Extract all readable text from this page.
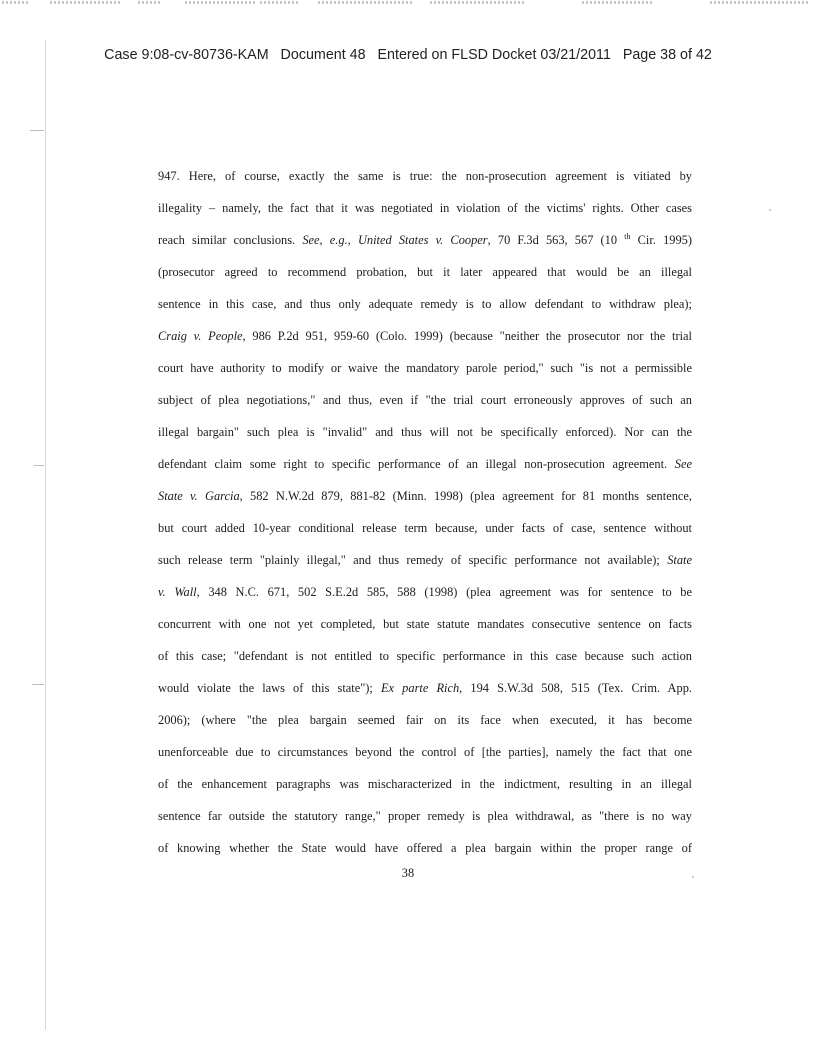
Case 9:08-cv-80736-KAM   Document 48   Entered on FLSD Docket 03/21/2011   Page 38 of 42
947. Here, of course, exactly the same is true: the non-prosecution agreement is vitiated by
illegality – namely, the fact that it was negotiated in violation of the victims' rights. Other cases
reach similar conclusions. See, e.g., United States v. Cooper, 70 F.3d 563, 567 (10 $^{th}$ Cir. 1995)
(prosecutor agreed to recommend probation, but it later appeared that would be an illegal
sentence in this case, and thus only adequate remedy is to allow defendant to withdraw plea);
Craig v. People, 986 P.2d 951, 959-60 (Colo. 1999) (because "neither the prosecutor nor the trial
court have authority to modify or waive the mandatory parole period," such "is not a permissible
subject of plea negotiations," and thus, even if "the trial court erroneously approves of such an
illegal bargain" such plea is "invalid" and thus will not be specifically enforced). Nor can the
defendant claim some right to specific performance of an illegal non-prosecution agreement. See
State v. Garcia, 582 N.W.2d 879, 881-82 (Minn. 1998) (plea agreement for 81 months sentence,
but court added 10-year conditional release term because, under facts of case, sentence without
such release term "plainly illegal," and thus remedy of specific performance not available); State
v. Wall, 348 N.C. 671, 502 S.E.2d 585, 588 (1998) (plea agreement was for sentence to be
concurrent with one not yet completed, but state statute mandates consecutive sentence on facts
of this case; "defendant is not entitled to specific performance in this case because such action
would violate the laws of this state"); Ex parte Rich, 194 S.W.3d 508, 515 (Tex. Crim. App.
2006); (where "the plea bargain seemed fair on its face when executed, it has become
unenforceable due to circumstances beyond the control of [the parties], namely the fact that one
of the enhancement paragraphs was mischaracterized in the indictment, resulting in an illegal
sentence far outside the statutory range," proper remedy is plea withdrawal, as "there is no way
of knowing whether the State would have offered a plea bargain within the proper range of
38
